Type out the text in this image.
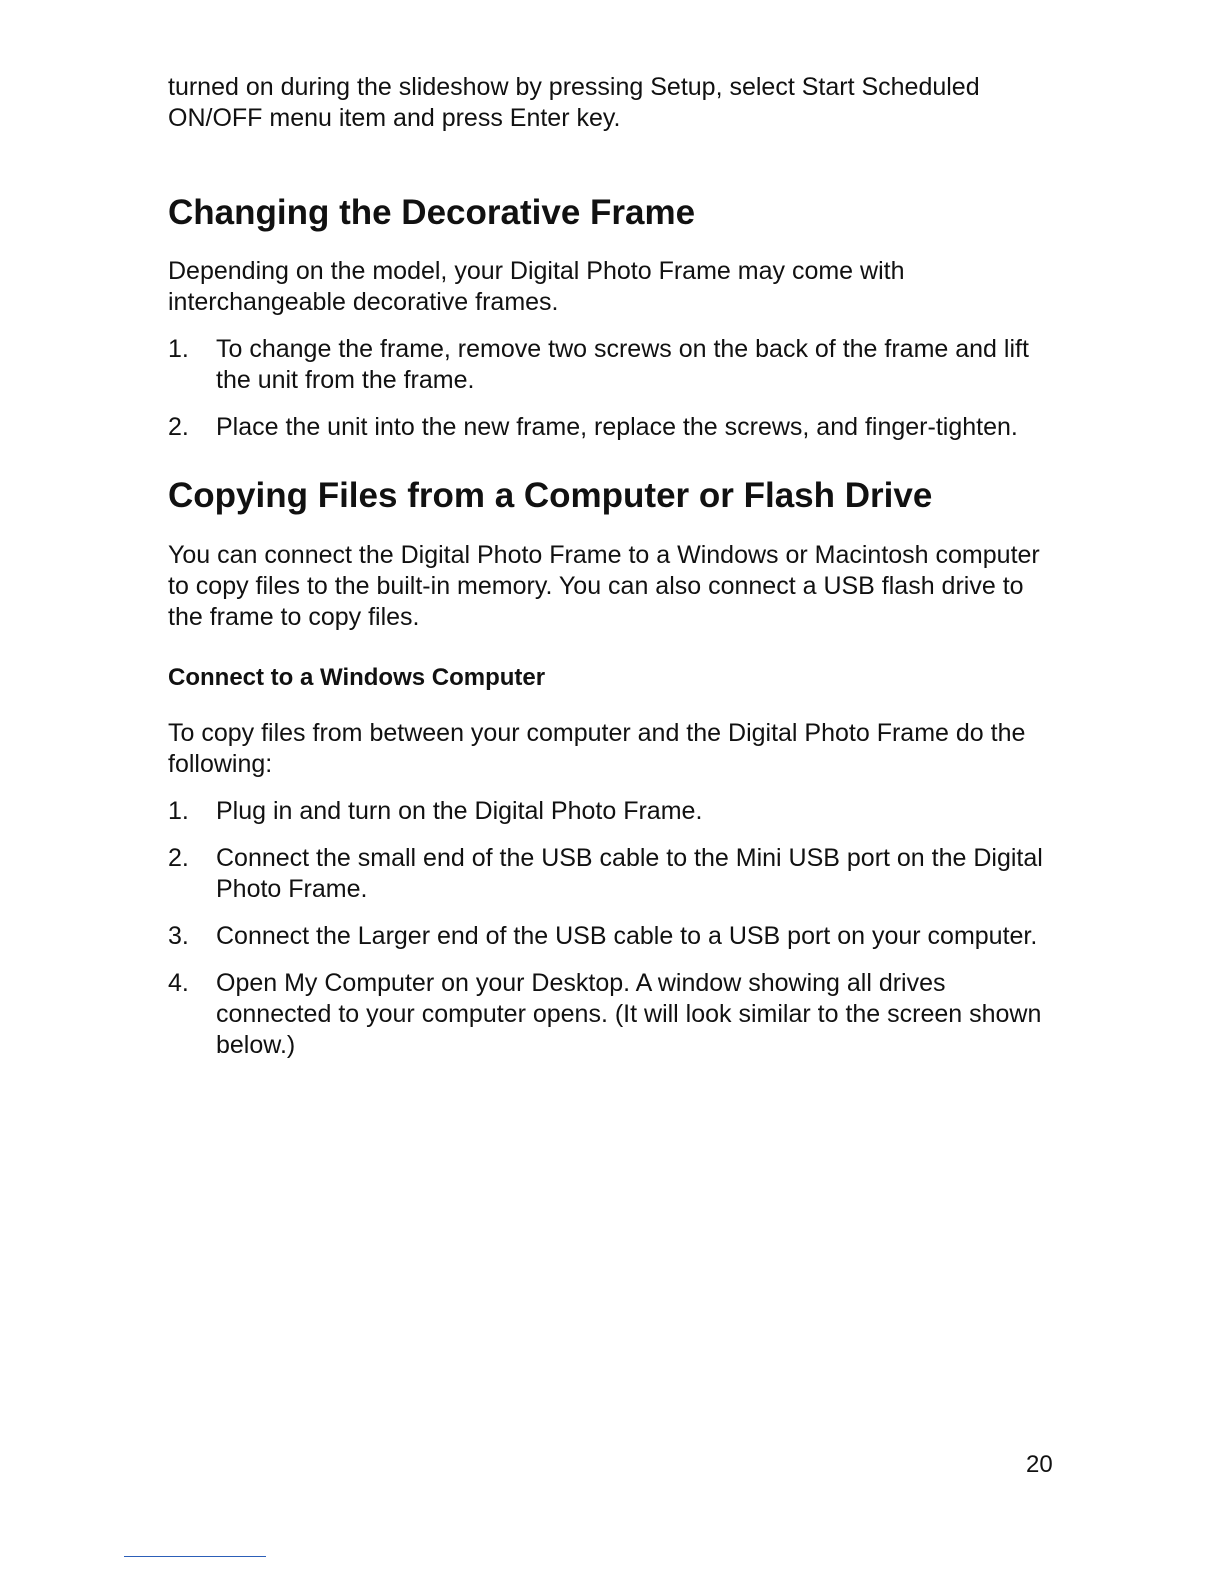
turned on during the slideshow by pressing Setup, select Start Scheduled ON/OFF menu item and press Enter key.

Changing the Decorative Frame

Depending on the model, your Digital Photo Frame may come with interchangeable decorative frames.

1. To change the frame, remove two screws on the back of the frame and lift the unit from the frame.
2. Place the unit into the new frame, replace the screws, and finger-tighten.
Copying Files from a Computer or Flash Drive

You can connect the Digital Photo Frame to a Windows or Macintosh computer to copy files to the built-in memory. You can also connect a USB flash drive to the frame to copy files.

Connect to a Windows Computer

To copy files from between your computer and the Digital Photo Frame do the following:

1. Plug in and turn on the Digital Photo Frame.
2. Connect the small end of the USB cable to the Mini USB port on the Digital Photo Frame.
3. Connect the Larger end of the USB cable to a USB port on your computer.
4. Open My Computer on your Desktop. A window showing all drives connected to your computer opens. (It will look similar to the screen shown below.)
20
